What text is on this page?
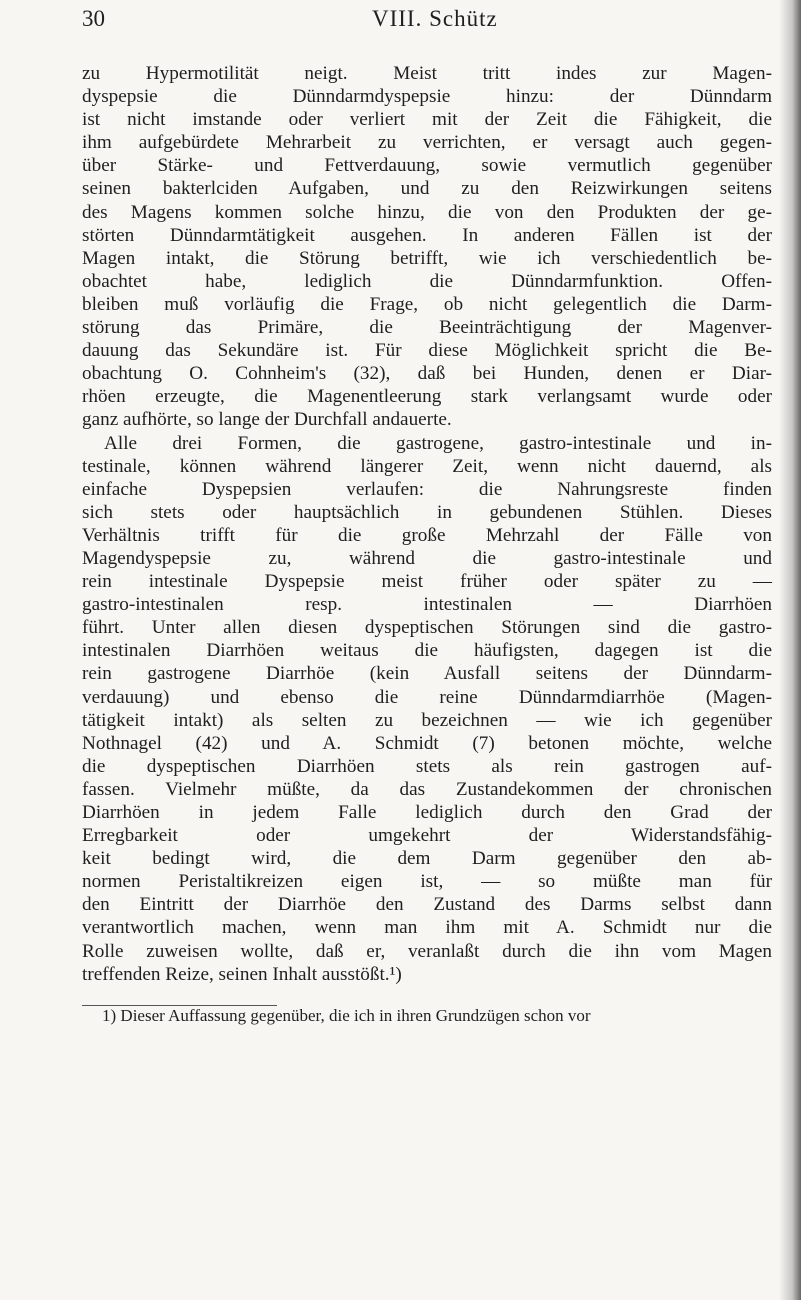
30	VIII. Schütz
zu Hypermotilität neigt. Meist tritt indes zur Magen-
dyspepsie die Dünndarmdyspepsie hinzu: der Dünndarm
ist nicht imstande oder verliert mit der Zeit die Fähigkeit, die
ihm aufgebürdete Mehrarbeit zu verrichten, er versagt auch gegen-
über Stärke- und Fettverdauung, sowie vermutlich gegenüber
seinen bakterlciden Aufgaben, und zu den Reizwirkungen seitens
des Magens kommen solche hinzu, die von den Produkten der ge-
störten Dünndarmtätigkeit ausgehen. In anderen Fällen ist der
Magen intakt, die Störung betrifft, wie ich verschiedentlich be-
obachtet habe, lediglich die Dünndarmfunktion. Offen-
bleiben muß vorläufig die Frage, ob nicht gelegentlich die Darm-
störung das Primäre, die Beeinträchtigung der Magenver-
dauung das Sekundäre ist. Für diese Möglichkeit spricht die Be-
obachtung O. Cohnheim's (32), daß bei Hunden, denen er Diar-
rhöen erzeugte, die Magenentleerung stark verlangsamt wurde oder
ganz aufhörte, so lange der Durchfall andauerte.
Alle drei Formen, die gastrogene, gastro-intestinale und in-
testinale, können während längerer Zeit, wenn nicht dauernd, als
einfache Dyspepsien verlaufen: die Nahrungsreste finden
sich stets oder hauptsächlich in gebundenen Stühlen. Dieses
Verhältnis trifft für die große Mehrzahl der Fälle von
Magendyspepsie zu, während die gastro-intestinale und
rein intestinale Dyspepsie meist früher oder später zu —
gastro-intestinalen resp. intestinalen — Diarrhöen
führt. Unter allen diesen dyspeptischen Störungen sind die gastro-
intestinalen Diarrhöen weitaus die häufigsten, dagegen ist die
rein gastrogene Diarrhöe (kein Ausfall seitens der Dünndarm-
verdauung) und ebenso die reine Dünndarmdiarrhöe (Magen-
tätigkeit intakt) als selten zu bezeichnen — wie ich gegenüber
Nothnagel (42) und A. Schmidt (7) betonen möchte, welche
die dyspeptischen Diarrhöen stets als rein gastrogen auf-
fassen. Vielmehr müßte, da das Zustandekommen der chronischen
Diarrhöen in jedem Falle lediglich durch den Grad der
Erregbarkeit oder umgekehrt der Widerstandsfähig-
keit bedingt wird, die dem Darm gegenüber den ab-
normen Peristaltikreizen eigen ist, — so müßte man für
den Eintritt der Diarrhöe den Zustand des Darms selbst dann
verantwortlich machen, wenn man ihm mit A. Schmidt nur die
Rolle zuweisen wollte, daß er, veranlaßt durch die ihn vom Magen
treffenden Reize, seinen Inhalt ausstößt.¹)
1) Dieser Auffassung gegenüber, die ich in ihren Grundzügen schon vor
